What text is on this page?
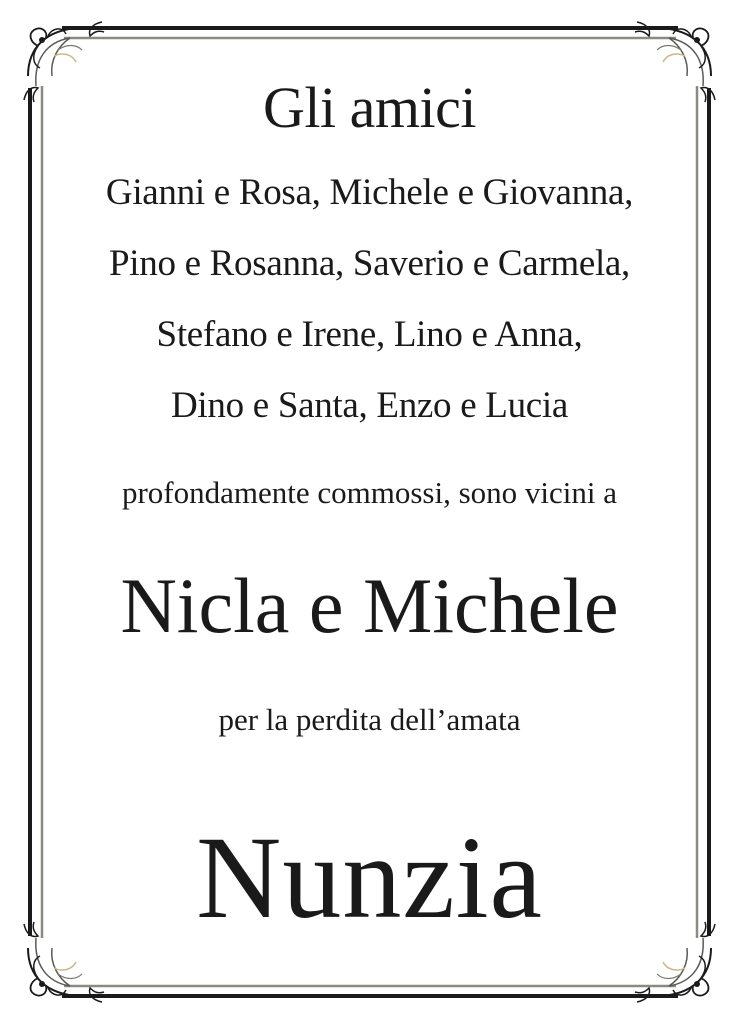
Gli amici
Gianni e Rosa, Michele e Giovanna,
Pino e Rosanna, Saverio e Carmela,
Stefano e Irene, Lino e Anna,
Dino e Santa, Enzo e Lucia
profondamente commossi, sono vicini a
Nicla e Michele
per la perdita dell’amata
Nunzia
